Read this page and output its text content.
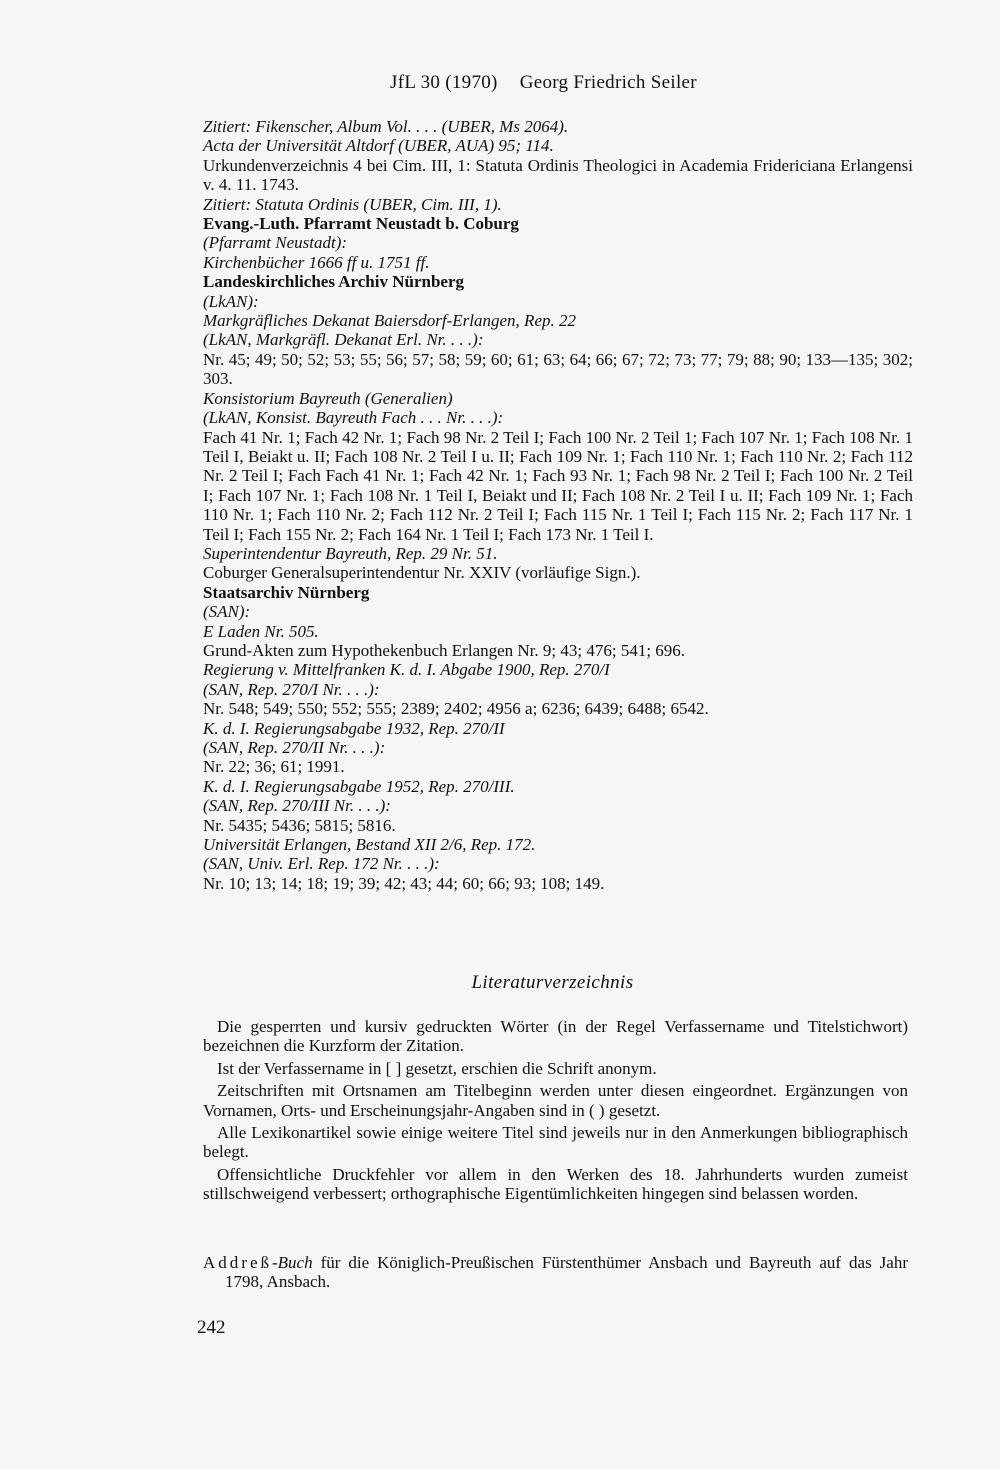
JfL 30 (1970) Georg Friedrich Seiler
Zitiert: Fikenscher, Album Vol. . . . (UBER, Ms 2064).
Acta der Universität Altdorf (UBER, AUA) 95; 114.
Urkundenverzeichnis 4 bei Cim. III, 1: Statuta Ordinis Theologici in Academia Fridericiana Erlangensi v. 4. 11. 1743.
Zitiert: Statuta Ordinis (UBER, Cim. III, 1).
Evang.-Luth. Pfarramt Neustadt b. Coburg
(Pfarramt Neustadt):
Kirchenbücher 1666 ff u. 1751 ff.
Landeskirchliches Archiv Nürnberg
(LkAN):
Markgräfliches Dekanat Baiersdorf-Erlangen, Rep. 22
(LkAN, Markgräfl. Dekanat Erl. Nr. . . .):
Nr. 45; 49; 50; 52; 53; 55; 56; 57; 58; 59; 60; 61; 63; 64; 66; 67; 72; 73; 77; 79; 88; 90; 133—135; 302; 303.
Konsistorium Bayreuth (Generalien)
(LkAN, Konsist. Bayreuth Fach . . . Nr. . . .):
Fach 41 Nr. 1; Fach 42 Nr. 1; Fach 98 Nr. 2 Teil I; Fach 100 Nr. 2 Teil 1; Fach 107 Nr. 1; Fach 108 Nr. 1 Teil I, Beiakt u. II; Fach 108 Nr. 2 Teil I u. II; Fach 109 Nr. 1; Fach 110 Nr. 1; Fach 110 Nr. 2; Fach 112 Nr. 2 Teil I; Fach Fach 41 Nr. 1; Fach 42 Nr. 1; Fach 93 Nr. 1; Fach 98 Nr. 2 Teil I; Fach 100 Nr. 2 Teil I; Fach 107 Nr. 1; Fach 108 Nr. 1 Teil I, Beiakt und II; Fach 108 Nr. 2 Teil I u. II; Fach 109 Nr. 1; Fach 110 Nr. 1; Fach 110 Nr. 2; Fach 112 Nr. 2 Teil I; Fach 115 Nr. 1 Teil I; Fach 115 Nr. 2; Fach 117 Nr. 1 Teil I; Fach 155 Nr. 2; Fach 164 Nr. 1 Teil I; Fach 173 Nr. 1 Teil I.
Superintendentur Bayreuth, Rep. 29 Nr. 51.
Coburger Generalsuperintendentur Nr. XXIV (vorläufige Sign.).
Staatsarchiv Nürnberg
(SAN):
E Laden Nr. 505.
Grund-Akten zum Hypothekenbuch Erlangen Nr. 9; 43; 476; 541; 696.
Regierung v. Mittelfranken K. d. I. Abgabe 1900, Rep. 270/I
(SAN, Rep. 270/I Nr. . . .):
Nr. 548; 549; 550; 552; 555; 2389; 2402; 4956 a; 6236; 6439; 6488; 6542.
K. d. I. Regierungsabgabe 1932, Rep. 270/II
(SAN, Rep. 270/II Nr. . . .):
Nr. 22; 36; 61; 1991.
K. d. I. Regierungsabgabe 1952, Rep. 270/III.
(SAN, Rep. 270/III Nr. . . .):
Nr. 5435; 5436; 5815; 5816.
Universität Erlangen, Bestand XII 2/6, Rep. 172.
(SAN, Univ. Erl. Rep. 172 Nr. . . .):
Nr. 10; 13; 14; 18; 19; 39; 42; 43; 44; 60; 66; 93; 108; 149.
Literaturverzeichnis

Die gesperrten und kursiv gedruckten Wörter (in der Regel Verfassername und Titelstichwort) bezeichnen die Kurzform der Zitation.

Ist der Verfassername in [ ] gesetzt, erschien die Schrift anonym.

Zeitschriften mit Ortsnamen am Titelbeginn werden unter diesen eingeordnet. Ergänzungen von Vornamen, Orts- und Erscheinungsjahr-Angaben sind in ( ) gesetzt.

Alle Lexikonartikel sowie einige weitere Titel sind jeweils nur in den Anmerkungen bibliographisch belegt.

Offensichtliche Druckfehler vor allem in den Werken des 18. Jahrhunderts wurden zumeist stillschweigend verbessert; orthographische Eigentümlichkeiten hingegen sind belassen worden.

Addreß-Buch für die Königlich-Preußischen Fürstenthümer Ansbach und Bayreuth auf das Jahr 1798, Ansbach.
242
